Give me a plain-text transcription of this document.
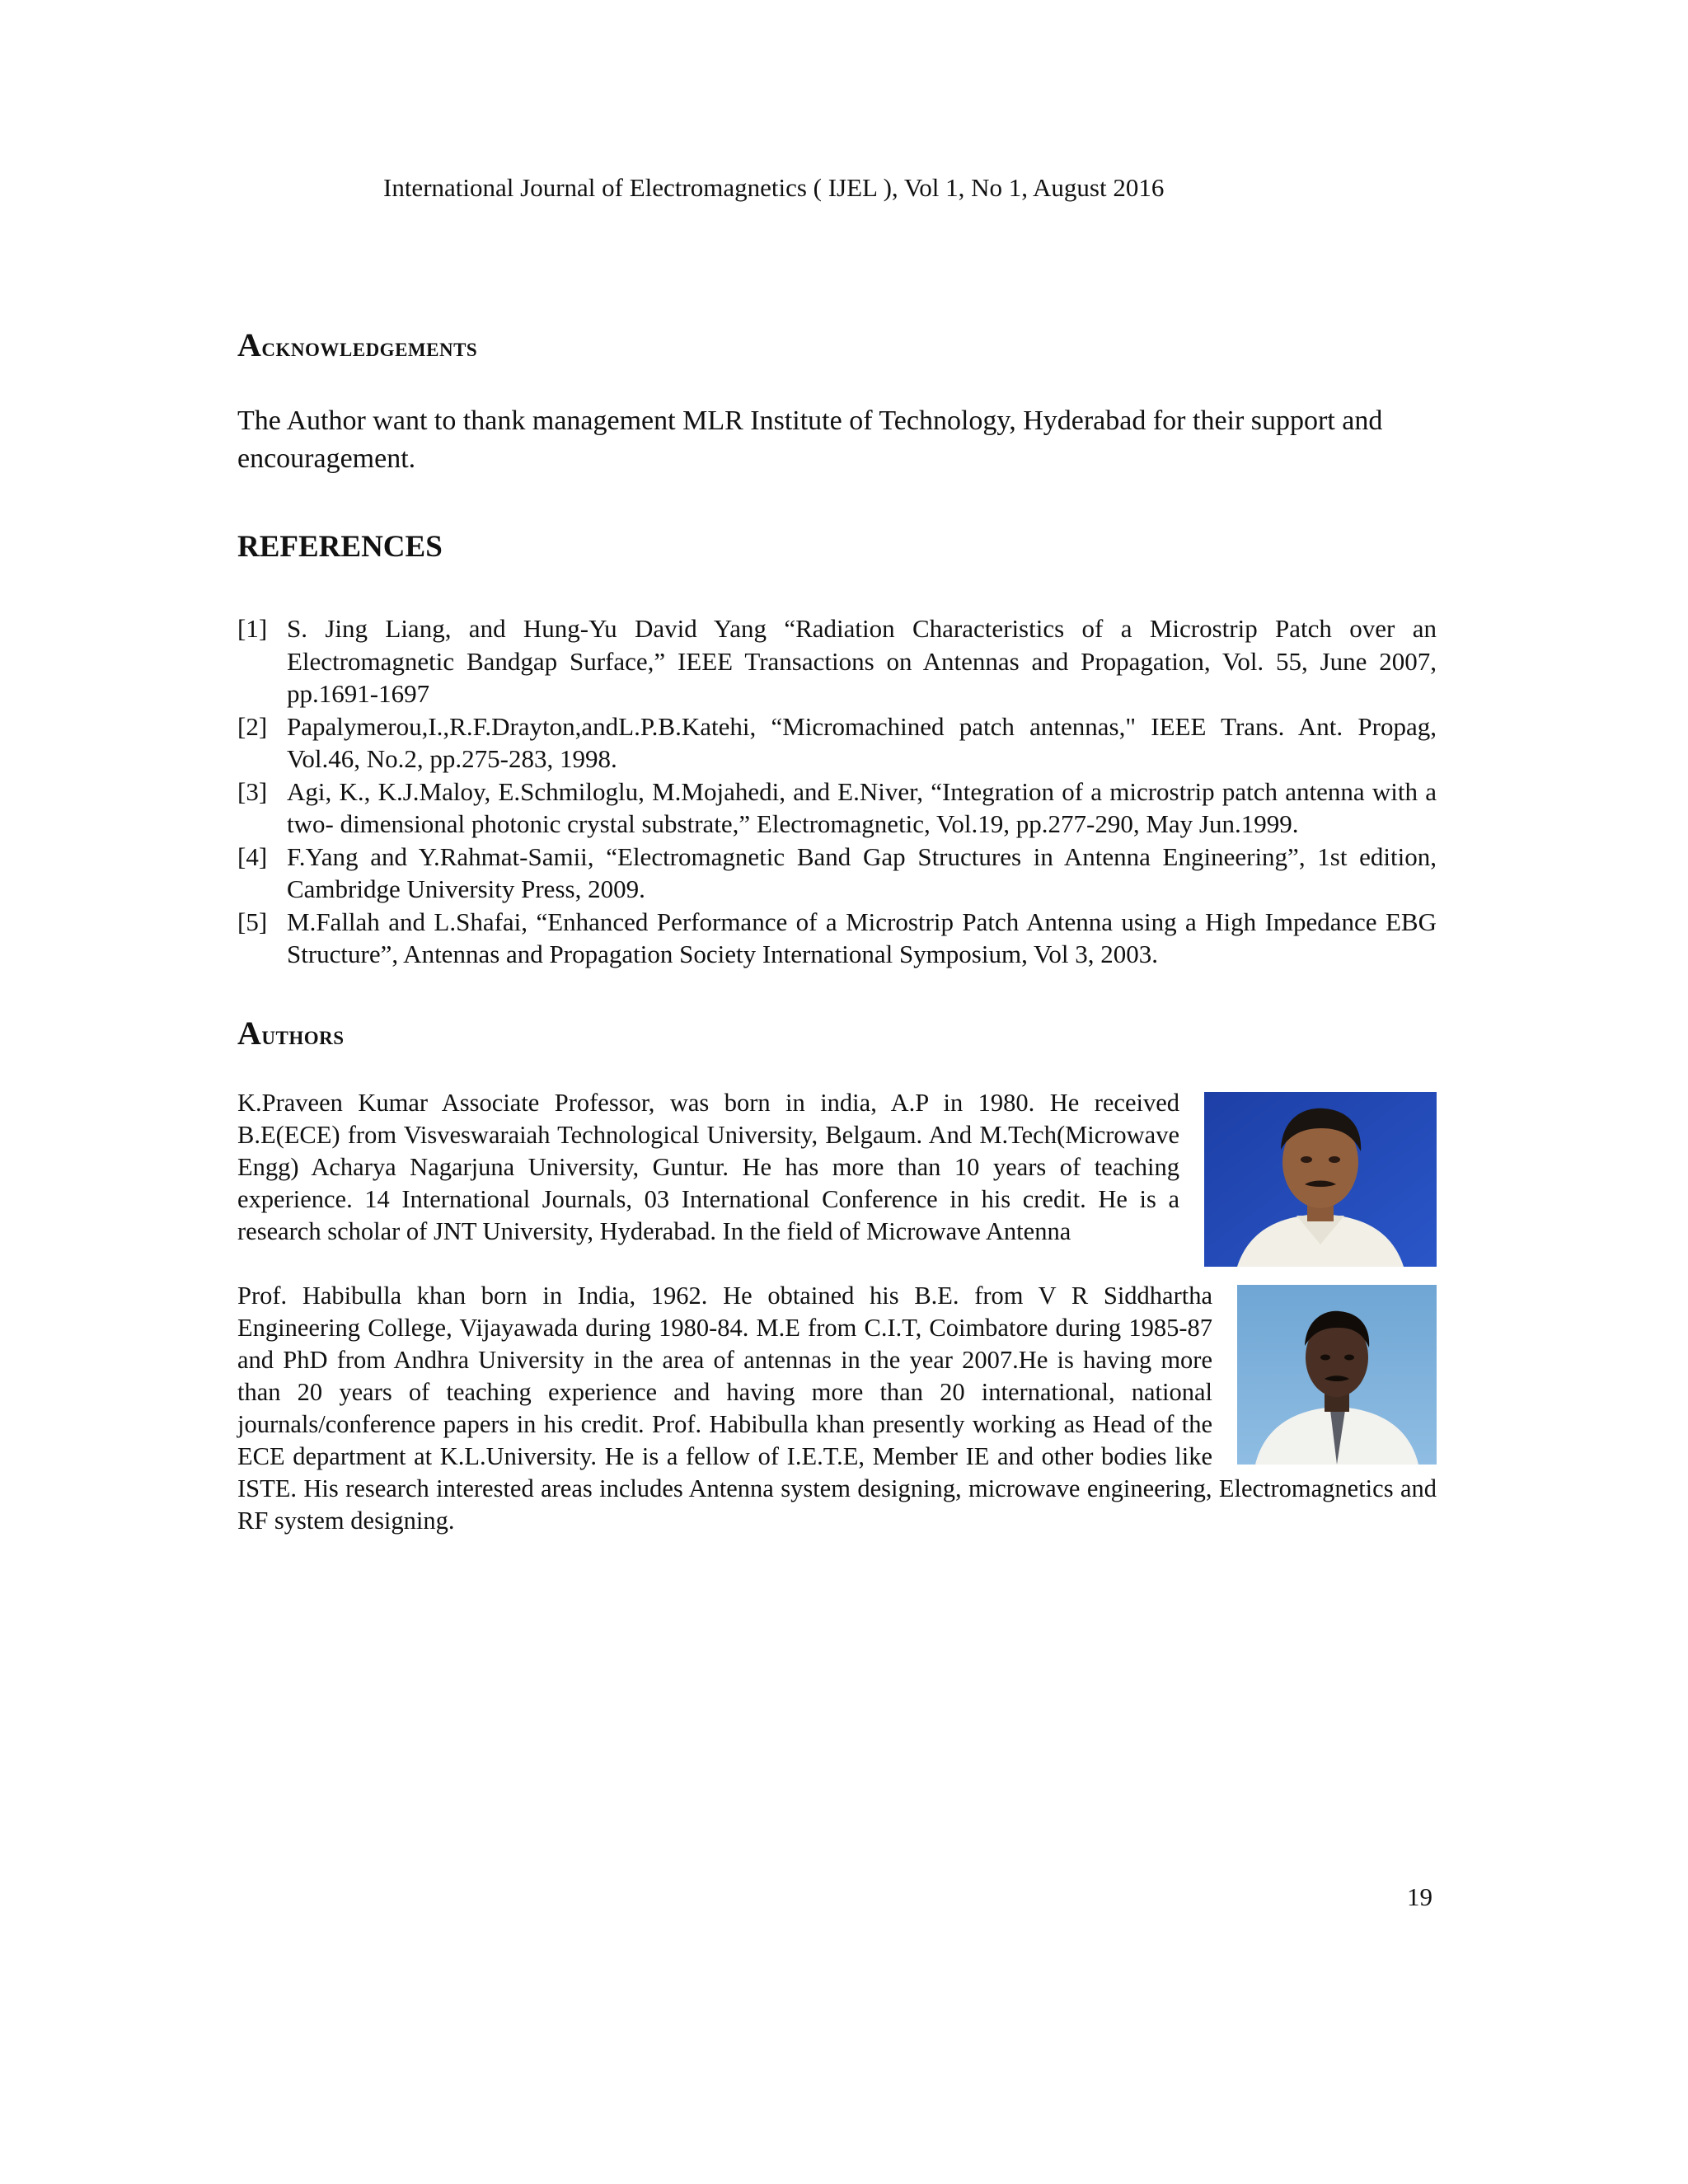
International Journal of Electromagnetics ( IJEL ), Vol 1, No 1, August 2016
Acknowledgements

The Author want to thank management MLR Institute of Technology, Hyderabad for their support and encouragement.

REFERENCES
[1] S. Jing Liang, and Hung-Yu David Yang “Radiation Characteristics of a Microstrip Patch over an Electromagnetic Bandgap Surface,” IEEE Transactions on Antennas and Propagation, Vol. 55, June 2007, pp.1691-1697
[2] Papalymerou,I.,R.F.Drayton,andL.P.B.Katehi, “Micromachined patch antennas," IEEE Trans. Ant. Propag, Vol.46, No.2, pp.275-283, 1998.
[3] Agi, K., K.J.Maloy, E.Schmiloglu, M.Mojahedi, and E.Niver, “Integration of a microstrip patch antenna with a two- dimensional photonic crystal substrate,” Electromagnetic, Vol.19, pp.277-290, May Jun.1999.
[4] F.Yang and Y.Rahmat-Samii, “Electromagnetic Band Gap Structures in Antenna Engineering”, 1st edition, Cambridge University Press, 2009.
[5] M.Fallah and L.Shafai, “Enhanced Performance of a Microstrip Patch Antenna using a High Impedance EBG Structure”, Antennas and Propagation Society International Symposium, Vol 3, 2003.
Authors
K.Praveen Kumar Associate Professor, was born in india, A.P in 1980. He received B.E(ECE) from Visveswaraiah Technological University, Belgaum. And M.Tech(Microwave Engg) Acharya Nagarjuna University, Guntur. He has more than 10 years of teaching experience. 14 International Journals, 03 International Conference in his credit. He is a research scholar of JNT University, Hyderabad. In the field of Microwave Antenna
Prof. Habibulla khan born in India, 1962. He obtained his B.E. from V R Siddhartha Engineering College, Vijayawada during 1980-84. M.E from C.I.T, Coimbatore during 1985-87 and PhD from Andhra University in the area of antennas in the year 2007.He is having more than 20 years of teaching experience and having more than 20 international, national journals/conference papers in his credit. Prof. Habibulla khan presently working as Head of the ECE department at K.L.University. He is a fellow of I.E.T.E, Member IE and other bodies like ISTE. His research interested areas includes Antenna system designing, microwave engineering, Electromagnetics and RF system designing.
19
